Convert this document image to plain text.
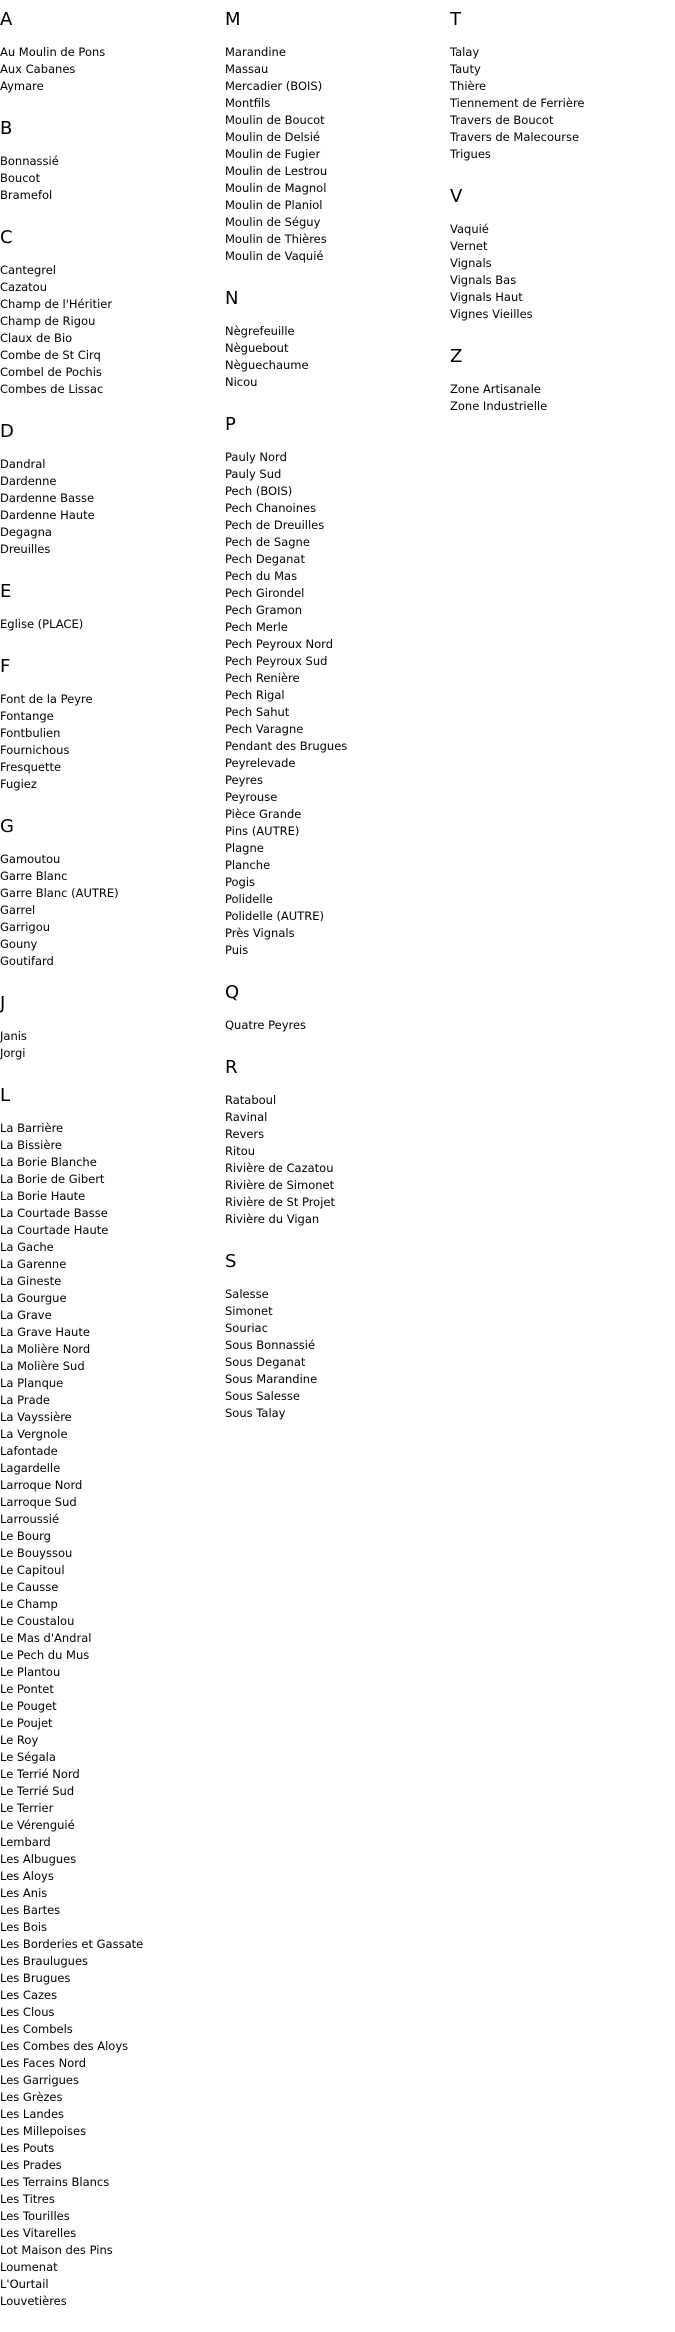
A
Au Moulin de Pons
Aux Cabanes
Aymare
B
Bonnassié
Boucot
Bramefol
C
Cantegrel
Cazatou
Champ de l'Héritier
Champ de Rigou
Claux de Bio
Combe de St Cirq
Combel de Pochis
Combes de Lissac
D
Dandral
Dardenne
Dardenne Basse
Dardenne Haute
Degagna
Dreuilles
E
Eglise (PLACE)
F
Font de la Peyre
Fontange
Fontbulien
Fournichous
Fresquette
Fugiez
G
Gamoutou
Garre Blanc
Garre Blanc (AUTRE)
Garrel
Garrigou
Gouny
Goutifard
J
Janis
Jorgi
L
La Barrière
La Bissière
La Borie Blanche
La Borie de Gibert
La Borie Haute
La Courtade Basse
La Courtade Haute
La Gache
La Garenne
La Gineste
La Gourgue
La Grave
La Grave Haute
La Molière Nord
La Molière Sud
La Planque
La Prade
La Vayssière
La Vergnole
Lafontade
Lagardelle
Larroque Nord
Larroque Sud
Larroussié
Le Bourg
Le Bouyssou
Le Capitoul
Le Causse
Le Champ
Le Coustalou
Le Mas d'Andral
Le Pech du Mus
Le Plantou
Le Pontet
Le Pouget
Le Poujet
Le Roy
Le Ségala
Le Terrié Nord
Le Terrié Sud
Le Terrier
Le Vérenguié
Lembard
Les Albugues
Les Aloys
Les Anis
Les Bartes
Les Bois
Les Borderies et Gassate
Les Braulugues
Les Brugues
Les Cazes
Les Clous
Les Combels
Les Combes des Aloys
Les Faces Nord
Les Garrigues
Les Grèzes
Les Landes
Les Millepoises
Les Pouts
Les Prades
Les Terrains Blancs
Les Titres
Les Tourilles
Les Vitarelles
Lot Maison des Pins
Loumenat
L'Ourtail
Louvetières
M
Marandine
Massau
Mercadier (BOIS)
Montfils
Moulin de Boucot
Moulin de Delsié
Moulin de Fugier
Moulin de Lestrou
Moulin de Magnol
Moulin de Planiol
Moulin de Séguy
Moulin de Thières
Moulin de Vaquié
N
Nègrefeuille
Nèguebout
Nèguechaume
Nicou
P
Pauly Nord
Pauly Sud
Pech (BOIS)
Pech Chanoines
Pech de Dreuilles
Pech de Sagne
Pech Deganat
Pech du Mas
Pech Girondel
Pech Gramon
Pech Merle
Pech Peyroux Nord
Pech Peyroux Sud
Pech Renière
Pech Rigal
Pech Sahut
Pech Varagne
Pendant des Brugues
Peyrelevade
Peyres
Peyrouse
Pièce Grande
Pins (AUTRE)
Plagne
Planche
Pogis
Polidelle
Polidelle (AUTRE)
Près Vignals
Puis
Q
Quatre Peyres
R
Rataboul
Ravinal
Revers
Ritou
Rivière de Cazatou
Rivière de Simonet
Rivière de St Projet
Rivière du Vigan
S
Salesse
Simonet
Souriac
Sous Bonnassié
Sous Deganat
Sous Marandine
Sous Salesse
Sous Talay
T
Talay
Tauty
Thière
Tiennement de Ferrière
Travers de Boucot
Travers de Malecourse
Trigues
V
Vaquié
Vernet
Vignals
Vignals Bas
Vignals Haut
Vignes Vieilles
Z
Zone Artisanale
Zone Industrielle
